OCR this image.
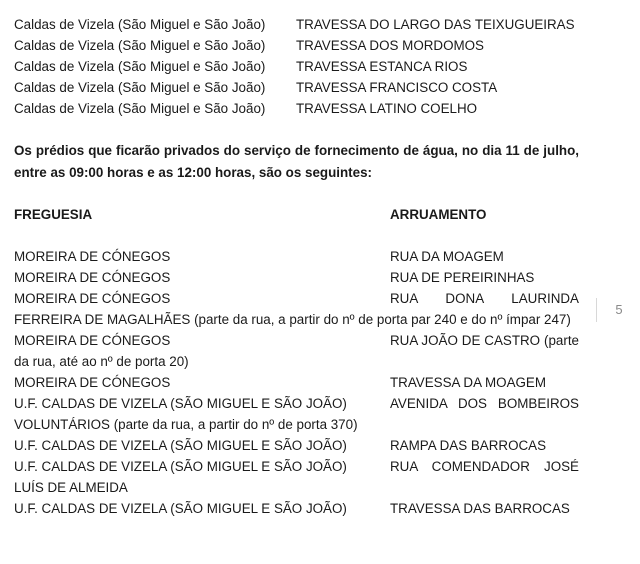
Caldas de Vizela (São Miguel e São João) TRAVESSA DO LARGO DAS TEIXUGUEIRAS
Caldas de Vizela (São Miguel e São João) TRAVESSA DOS MORDOMOS
Caldas de Vizela (São Miguel e São João) TRAVESSA ESTANCA RIOS
Caldas de Vizela (São Miguel e São João) TRAVESSA FRANCISCO COSTA
Caldas de Vizela (São Miguel e São João) TRAVESSA LATINO COELHO
Os prédios que ficarão privados do serviço de fornecimento de água, no dia 11 de julho, entre as 09:00 horas e as 12:00 horas, são os seguintes:
FREGUESIA	ARRUAMENTO
MOREIRA DE CÓNEGOS	RUA DA MOAGEM
MOREIRA DE CÓNEGOS	RUA DE PEREIRINHAS
MOREIRA DE CÓNEGOS	RUA DONA LAURINDA
FERREIRA DE MAGALHÃES (parte da rua, a partir do nº de porta par 240 e do nº ímpar 247)
MOREIRA DE CÓNEGOS	RUA JOÃO DE CASTRO (parte
da rua, até ao nº de porta 20)
MOREIRA DE CÓNEGOS	TRAVESSA DA MOAGEM
U.F. CALDAS DE VIZELA (SÃO MIGUEL E SÃO JOÃO)	AVENIDA DOS BOMBEIROS
VOLUNTÁRIOS (parte da rua, a partir do nº de porta 370)
U.F. CALDAS DE VIZELA (SÃO MIGUEL E SÃO JOÃO)	RAMPA DAS BARROCAS
U.F. CALDAS DE VIZELA (SÃO MIGUEL E SÃO JOÃO)	RUA COMENDADOR JOSÉ
LUÍS DE ALMEIDA
U.F. CALDAS DE VIZELA (SÃO MIGUEL E SÃO JOÃO)	TRAVESSA DAS BARROCAS
5
